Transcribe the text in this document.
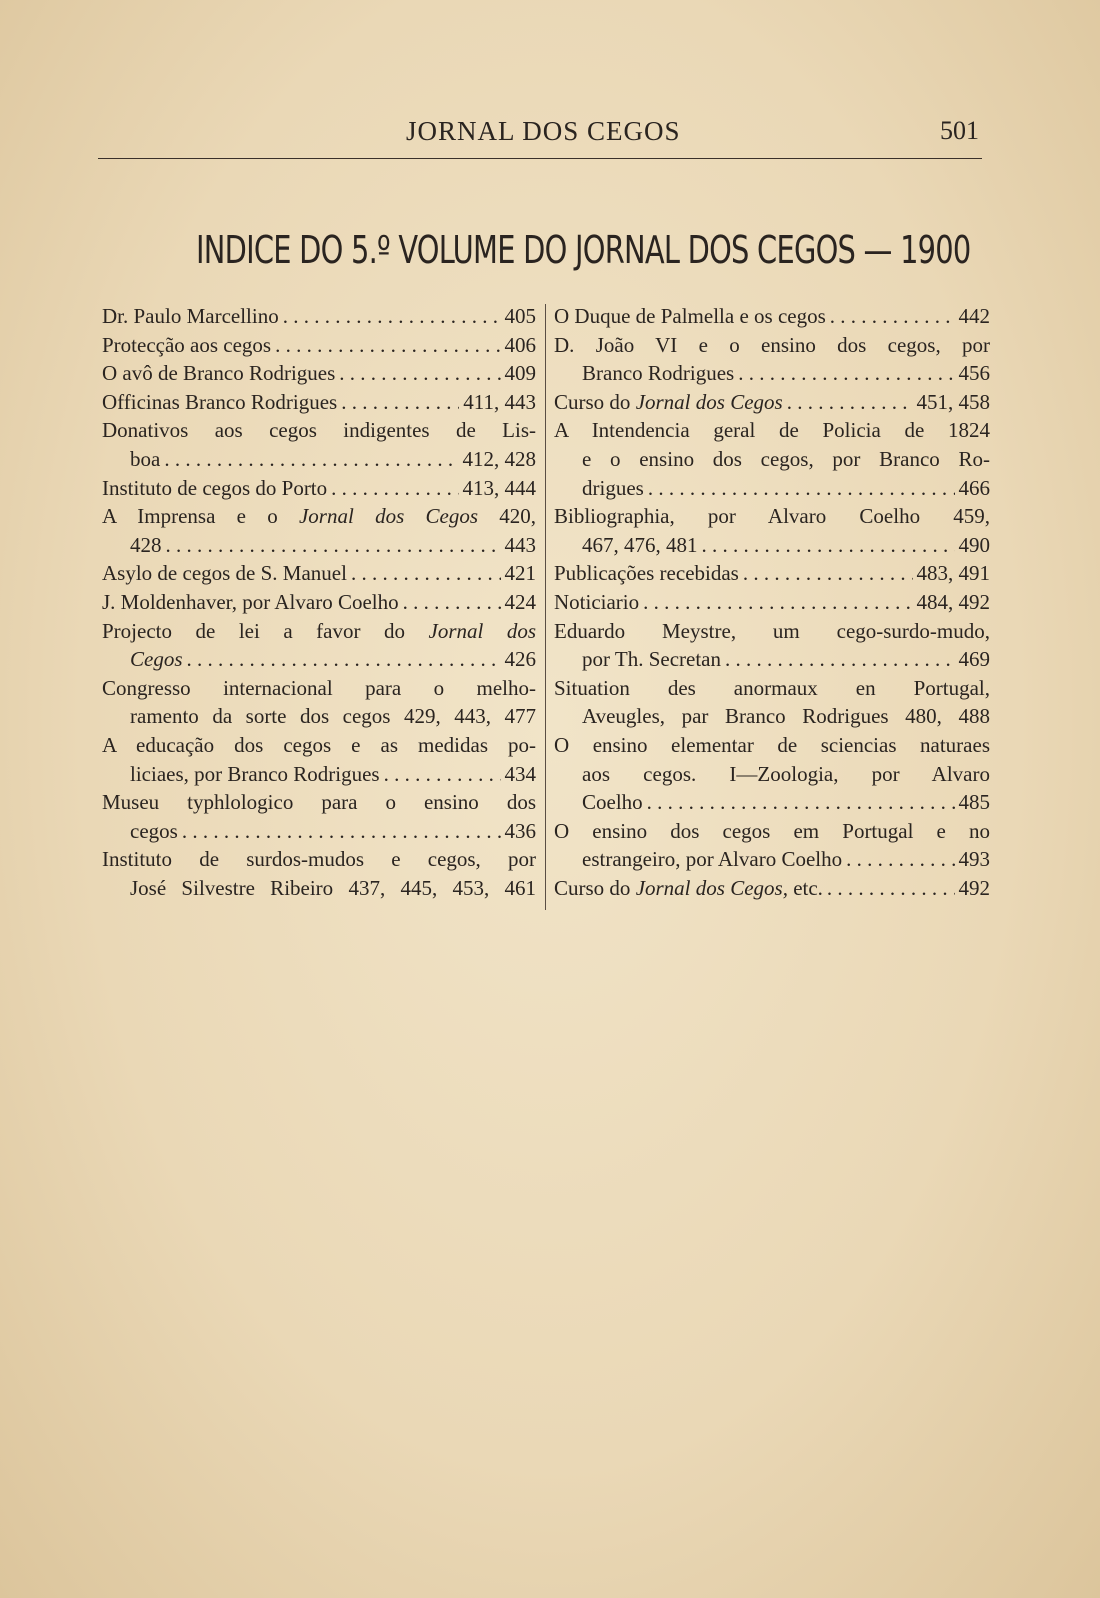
JORNAL DOS CEGOS	501
INDICE DO 5.º VOLUME DO JORNAL DOS CEGOS — 1900
Dr. Paulo Marcellino . . .	405
Protecção aos cegos . . .	406
O avô de Branco Rodrigues . . .	409
Officinas Branco Rodrigues . . .	411, 443
Donativos aos cegos indigentes de Lis-
boa . . .	412, 428
Instituto de cegos do Porto . . .	413, 444
A Imprensa e o Jornal dos Cegos 420,
428 . . .	443
Asylo de cegos de S. Manuel . . .	421
J. Moldenhaver, por Alvaro Coelho . . .	424
Projecto de lei a favor do Jornal dos
Cegos . . .	426
Congresso internacional para o melho-
ramento da sorte dos cegos 429, 443, 477
A educação dos cegos e as medidas po-
liciaes, por Branco Rodrigues . . .	434
Museu typhlologico para o ensino dos
cegos . . .	436
Instituto de surdos-mudos e cegos, por
José Silvestre Ribeiro 437, 445, 453, 461
O Duque de Palmella e os cegos . . .	442
D. João VI e o ensino dos cegos, por
Branco Rodrigues . . .	456
Curso do Jornal dos Cegos . . .	451, 458
A Intendencia geral de Policia de 1824
e o ensino dos cegos, por Branco Ro-
drigues . . .	466
Bibliographia, por Alvaro Coelho 459,
467, 476, 481 . . .	490
Publicações recebidas . . .	483, 491
Noticiario . . .	484, 492
Eduardo Meystre, um cego-surdo-mudo,
por Th. Secretan . . .	469
Situation des anormaux en Portugal,
Aveugles, par Branco Rodrigues 480, 488
O ensino elementar de sciencias naturaes
aos cegos. I—Zoologia, por Alvaro
Coelho . . .	485
O ensino dos cegos em Portugal e no
estrangeiro, por Alvaro Coelho . . .	493
Curso do Jornal dos Cegos, etc. . . .	492
